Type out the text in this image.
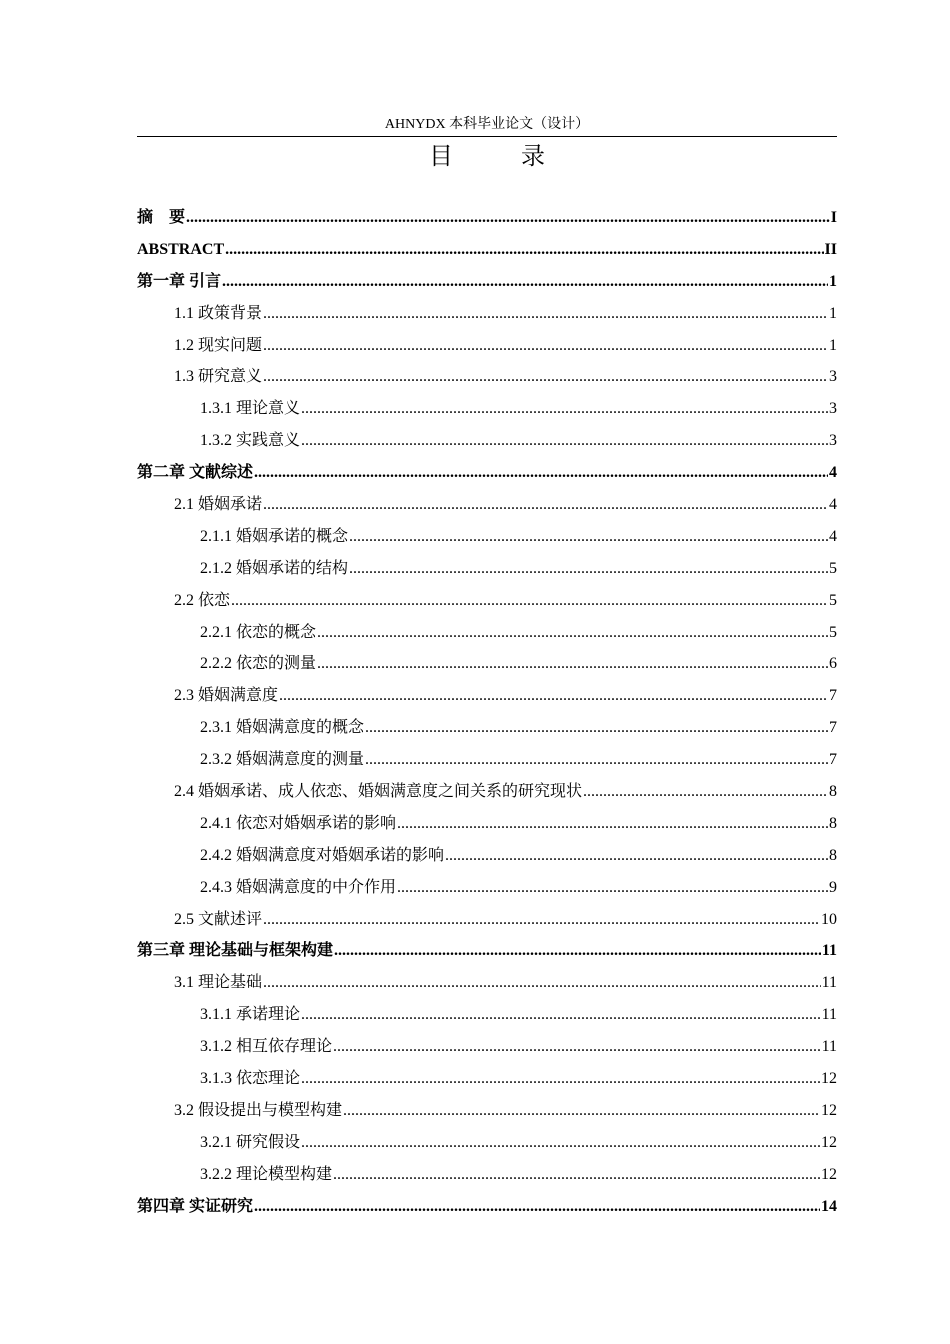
AHNYDX 本科毕业论文（设计）
目　录
摘　要 .....	I
ABSTRACT .....	II
第一章 引言 .....	1
1.1 政策背景 .....	1
1.2 现实问题 .....	1
1.3 研究意义 .....	3
1.3.1 理论意义 .....	3
1.3.2 实践意义 .....	3
第二章 文献综述 .....	4
2.1 婚姻承诺 .....	4
2.1.1 婚姻承诺的概念 .....	4
2.1.2 婚姻承诺的结构 .....	5
2.2 依恋 .....	5
2.2.1 依恋的概念 .....	5
2.2.2 依恋的测量 .....	6
2.3 婚姻满意度 .....	7
2.3.1 婚姻满意度的概念 .....	7
2.3.2 婚姻满意度的测量 .....	7
2.4 婚姻承诺、成人依恋、婚姻满意度之间关系的研究现状 .....	8
2.4.1 依恋对婚姻承诺的影响 .....	8
2.4.2 婚姻满意度对婚姻承诺的影响 .....	8
2.4.3 婚姻满意度的中介作用 .....	9
2.5 文献述评 .....	10
第三章 理论基础与框架构建 .....	11
3.1 理论基础 .....	11
3.1.1 承诺理论 .....	11
3.1.2 相互依存理论 .....	11
3.1.3 依恋理论 .....	12
3.2 假设提出与模型构建 .....	12
3.2.1 研究假设 .....	12
3.2.2 理论模型构建 .....	12
第四章 实证研究 .....	14
